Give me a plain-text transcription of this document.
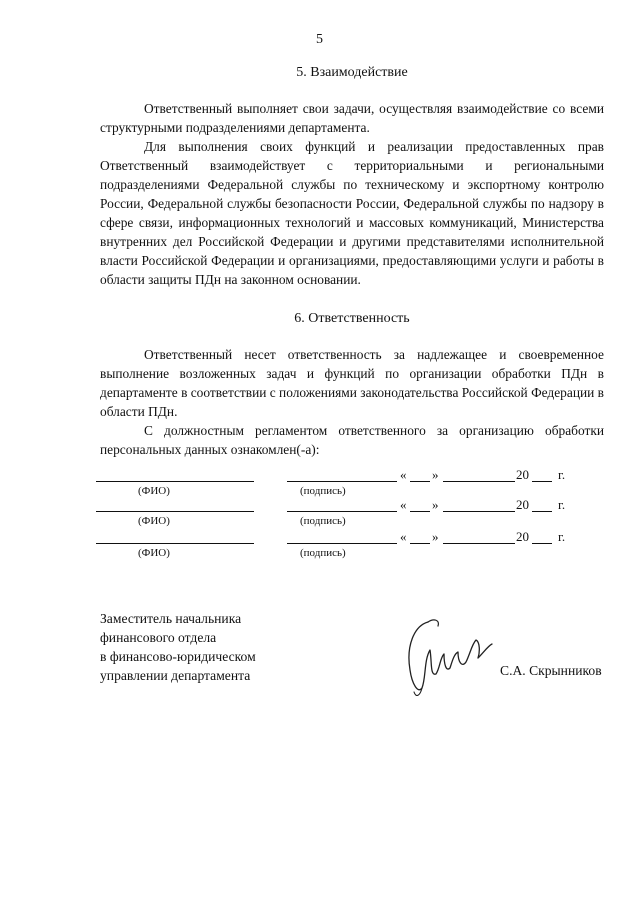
5
5. Взаимодействие

Ответственный выполняет свои задачи, осуществляя взаимодействие со всеми структурными подразделениями департамента.

Для выполнения своих функций и реализации предоставленных прав Ответственный взаимодействует с территориальными и региональными подразделениями Федеральной службы по техническому и экспортному контролю России, Федеральной службы безопасности России, Федеральной службы по надзору в сфере связи, информационных технологий и массовых коммуникаций, Министерства внутренних дел Российской Федерации и другими представителями исполнительной власти Российской Федерации и организациями, предоставляющими услуги и работы в области защиты ПДн на законном основании.

6. Ответственность

Ответственный несет ответственность за надлежащее и своевременное выполнение возложенных задач и функций по организации обработки ПДн в департаменте в соответствии с положениями законодательства Российской Федерации в области ПДн.

С должностным регламентом ответственного за организацию обработки персональных данных ознакомлен(-а):

« »	20 г.
(ФИО)	(подпись)
« »	20 г.
(ФИО)	(подпись)
« »	20 г.
(ФИО)	(подпись)
Заместитель начальника
финансового отдела
в финансово-юридическом
управлении департамента	С.А. Скрынников
